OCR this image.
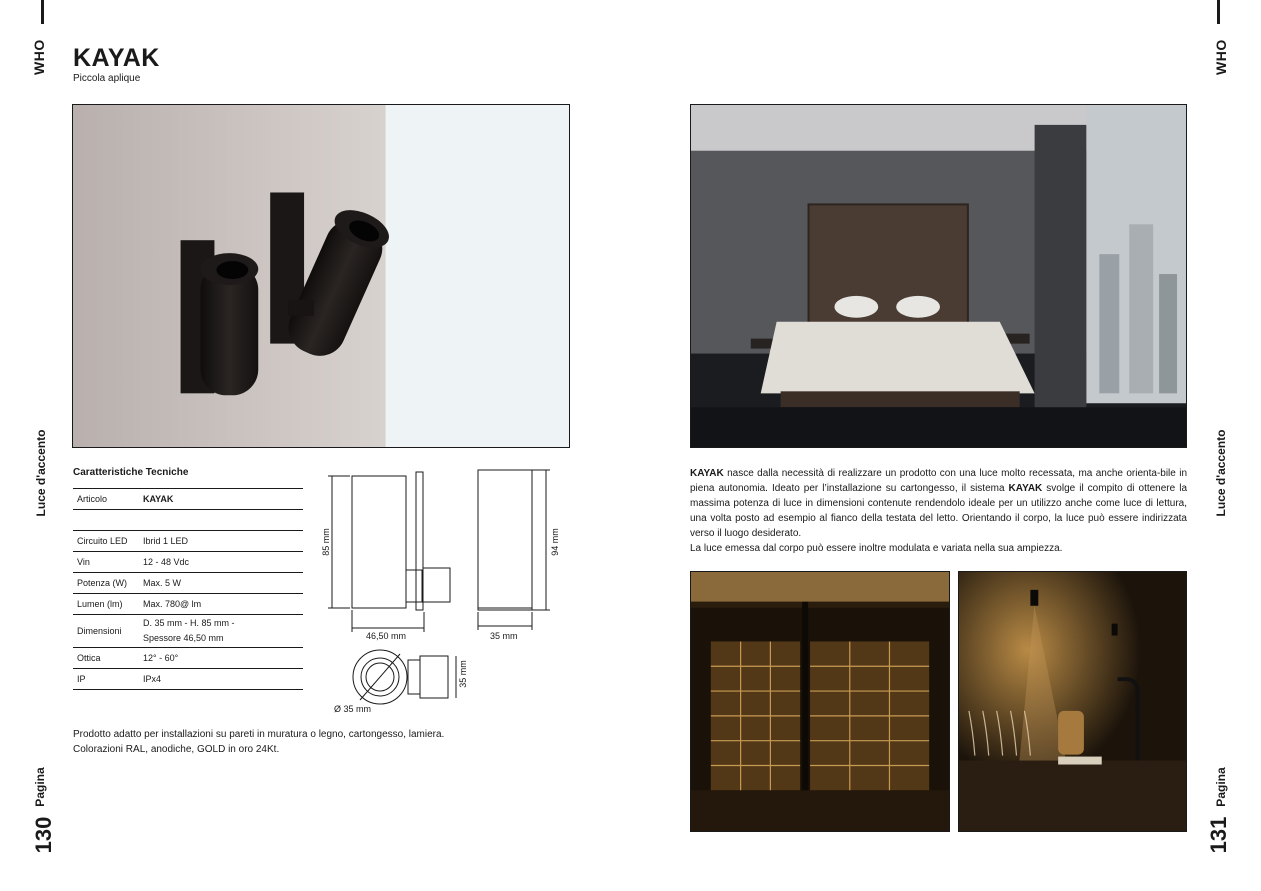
WHO
Luce d'accento
Pagina
130
WHO
Luce d'accento
Pagina
131
KAYAK
Piccola aplique
Caratteristiche Tecniche
Articolo	KAYAK
Circuito LED	Ibrid 1 LED
Vin	12 - 48 Vdc
Potenza (W)	Max. 5 W
Lumen (lm)	Max. 780@ lm
Dimensioni
D. 35 mm - H. 85 mm -
Spessore 46,50 mm
Ottica	12° - 60°
IP	IPx4
85 mm
46,50 mm
94 mm
35 mm
Ø 35 mm
35 mm
Prodotto adatto per installazioni su pareti in muratura o legno, cartongesso, lamiera.
Colorazioni RAL, anodiche, GOLD in oro 24Kt.
KAYAK nasce dalla necessità di realizzare un prodotto con una luce molto recessata, ma anche orienta-bile in piena autonomia. Ideato per l’installazione su cartongesso, il sistema KAYAK svolge il compito di ottenere la massima potenza di luce in dimensioni contenute rendendolo ideale per un utilizzo anche come luce di lettura, una volta posto ad esempio al fianco della testata del letto. Orientando il corpo, la luce può essere indirizzata verso il luogo desiderato.
La luce emessa dal corpo può essere inoltre modulata e variata nella sua ampiezza.
